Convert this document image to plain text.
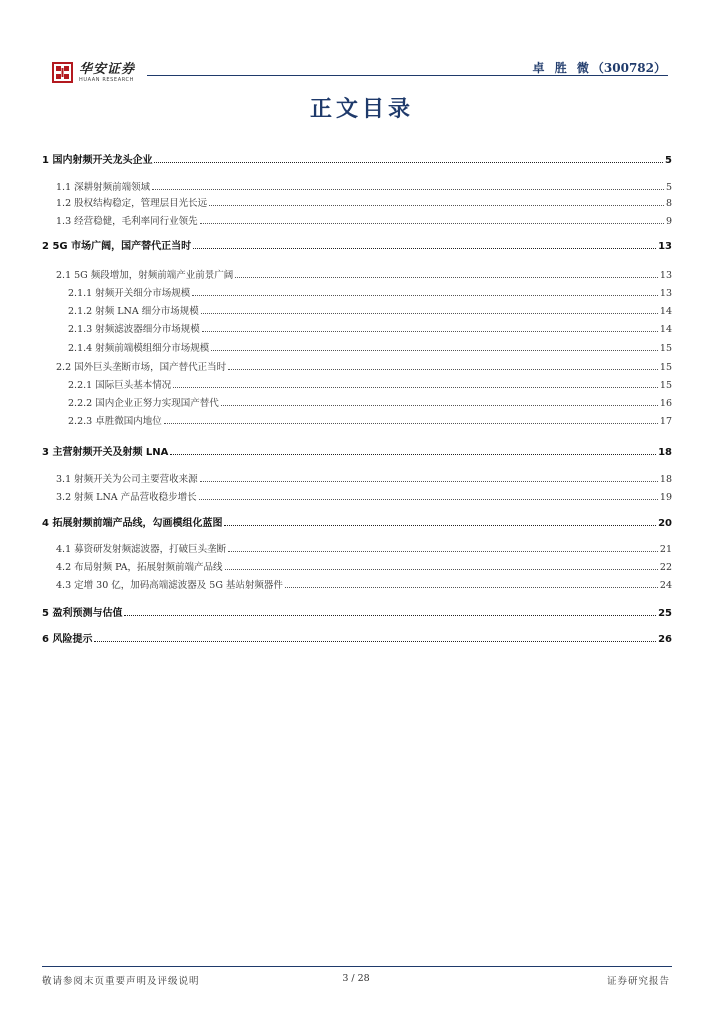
华安证券
HUAAN RESEARCH
卓 胜 微（300782）
正文目录
1 国内射频开关龙头企业	5
1.1 深耕射频前端领域	5
1.2 股权结构稳定，管理层目光长远	8
1.3 经营稳健，毛利率同行业领先	9
2 5G 市场广阔，国产替代正当时	13
2.1 5G 频段增加，射频前端产业前景广阔	13
2.1.1 射频开关细分市场规模	13
2.1.2 射频 LNA 细分市场规模	14
2.1.3 射频滤波器细分市场规模	14
2.1.4 射频前端模组细分市场规模	15
2.2 国外巨头垄断市场，国产替代正当时	15
2.2.1 国际巨头基本情况	15
2.2.2 国内企业正努力实现国产替代	16
2.2.3 卓胜微国内地位	17
3 主营射频开关及射频 LNA	18
3.1 射频开关为公司主要营收来源	18
3.2 射频 LNA 产品营收稳步增长	19
4 拓展射频前端产品线，勾画模组化蓝图	20
4.1 募资研发射频滤波器，打破巨头垄断	21
4.2 布局射频 PA，拓展射频前端产品线	22
4.3 定增 30 亿，加码高端滤波器及 5G 基站射频器件	24
5 盈利预测与估值	25
6 风险提示	26
敬请参阅末页重要声明及评级说明	3 / 28	证券研究报告
